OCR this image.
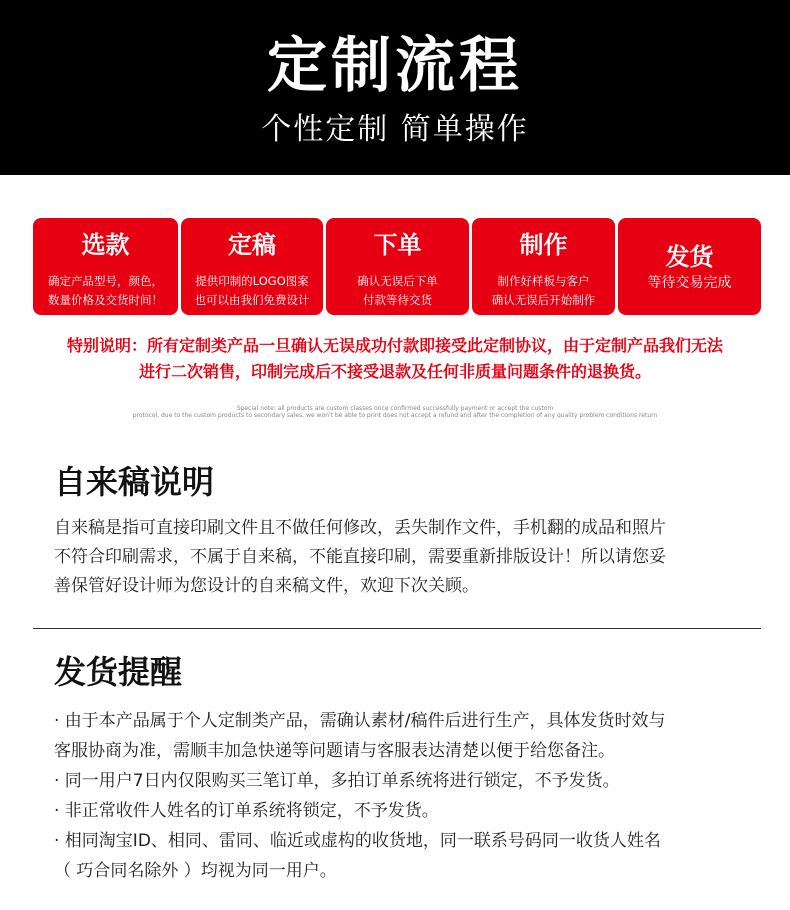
定制流程
个性定制 简单操作
选款
确定产品型号，颜色，
数量价格及交货时间！
定稿
提供印制的LOGO图案
也可以由我们免费设计
下单
确认无误后下单
付款等待交货
制作
制作好样板与客户
确认无误后开始制作
发货
等待交易完成
特别说明：所有定制类产品一旦确认无误成功付款即接受此定制协议，由于定制产品我们无法
进行二次销售，印制完成后不接受退款及任何非质量问题条件的退换货。
Special note: all products are custom classes once confirmed successfully payment or accept the custom
protocol, due to the custom products to secondary sales, we won't be able to print does not accept a refund and after the completion of any quality problem conditions return
自来稿说明
自来稿是指可直接印刷文件且不做任何修改，丢失制作文件，手机翻的成品和照片
不符合印刷需求，不属于自来稿，不能直接印刷，需要重新排版设计！所以请您妥
善保管好设计师为您设计的自来稿文件，欢迎下次关顾。
发货提醒
· 由于本产品属于个人定制类产品，需确认素材/稿件后进行生产，具体发货时效与
客服协商为准，需顺丰加急快递等问题请与客服表达清楚以便于给您备注。
· 同一用户7日内仅限购买三笔订单，多拍订单系统将进行锁定，不予发货。
· 非正常收件人姓名的订单系统将锁定，不予发货。
· 相同淘宝ID、相同、雷同、临近或虚构的收货地，同一联系号码同一收货人姓名
（ 巧合同名除外 ）均视为同一用户。
